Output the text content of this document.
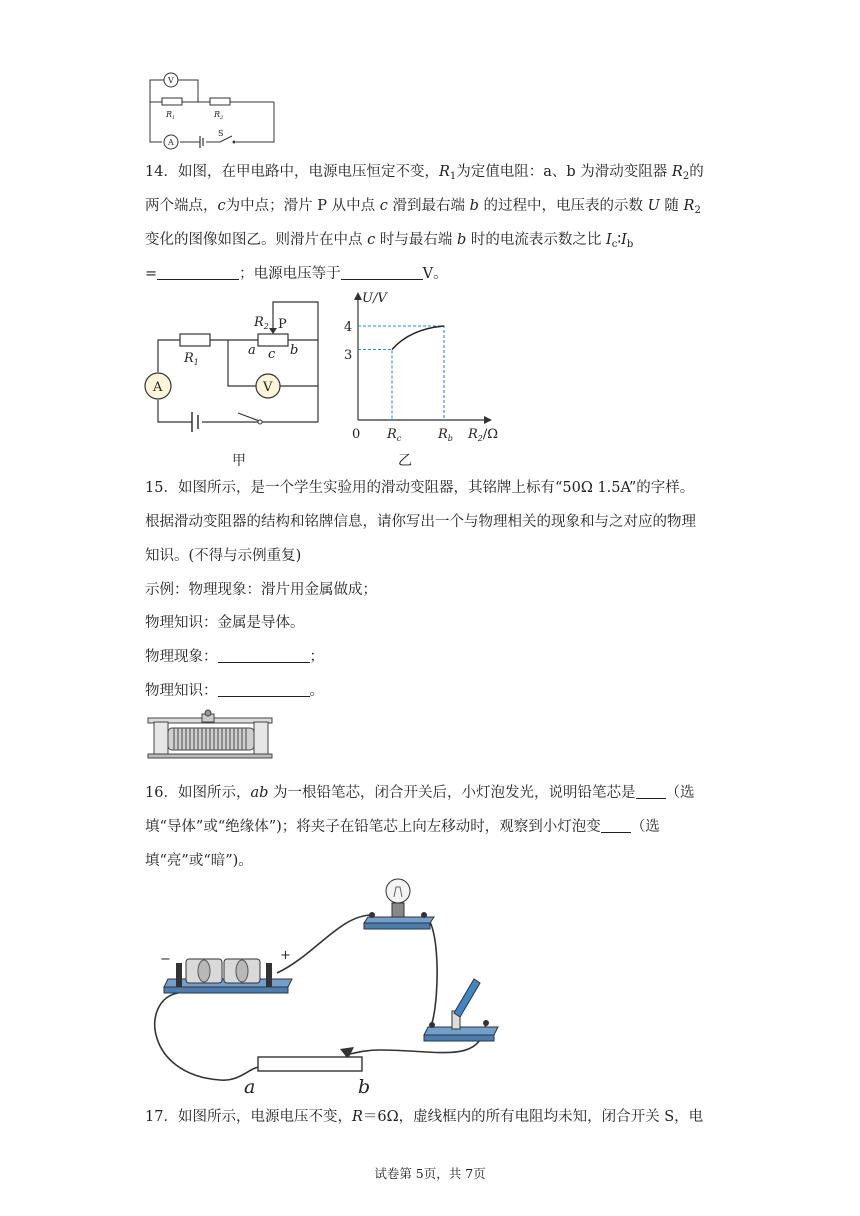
V
A
$R_1$	$R_2$
S
14．如图，在甲电路中，电源电压恒定不变，$R_1$为定值电阻：a、b 为滑动变阻器 $R_2$的
两个端点，c为中点；滑片 P 从中点 c 滑到最右端 b 的过程中，电压表的示数 U 随 $R_2$
变化的图像如图乙。则滑片在中点 c 时与最右端 b 时的电流表示数之比 $I_c∶I_b$
=	；电源电压等于	V。
A	V
$R_2$ P
$R_1$
a c b
甲
U/V
0
4
3
$R_c$	$R_b$ $R_2/\Omega$
乙
15．如图所示，是一个学生实验用的滑动变阻器，其铭牌上标有“50Ω 1.5A”的字样。
根据滑动变阻器的结构和铭牌信息，请你写出一个与物理相关的现象和与之对应的物理
知识。(不得与示例重复)
示例：物理现象：滑片用金属做成；
物理知识：金属是导体。
物理现象：	；
物理知识：	。
16．如图所示，ab 为一根铅笔芯，闭合开关后，小灯泡发光，说明铅笔芯是 （选
填“导体”或“绝缘体”)；将夹子在铅笔芯上向左移动时，观察到小灯泡变 （选
填“亮”或“暗”)。
−	+
a	b
17．如图所示，电源电压不变，R＝6Ω，虚线框内的所有电阻均未知，闭合开关 S，电
试卷第 5页，共 7页
